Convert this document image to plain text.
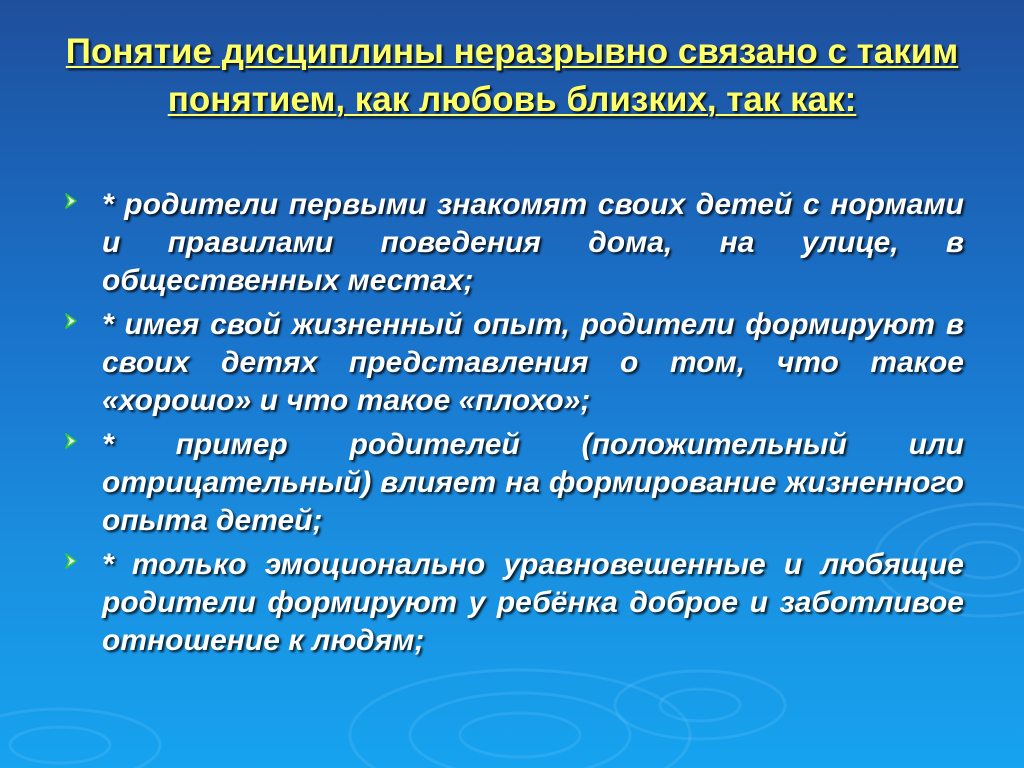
Понятие дисциплины неразрывно связано с таким понятием, как любовь близких, так как:
* родители первыми знакомят своих детей с нормами и правилами поведения дома, на улице, в общественных местах;
* имея свой жизненный опыт, родители формируют в своих детях представления о том, что такое «хорошо» и что такое «плохо»;
* пример родителей (положительный или отрицательный) влияет на формирование жизненного опыта детей;
* только эмоционально уравновешенные и любящие родители формируют у ребёнка доброе и заботливое отношение к людям;
